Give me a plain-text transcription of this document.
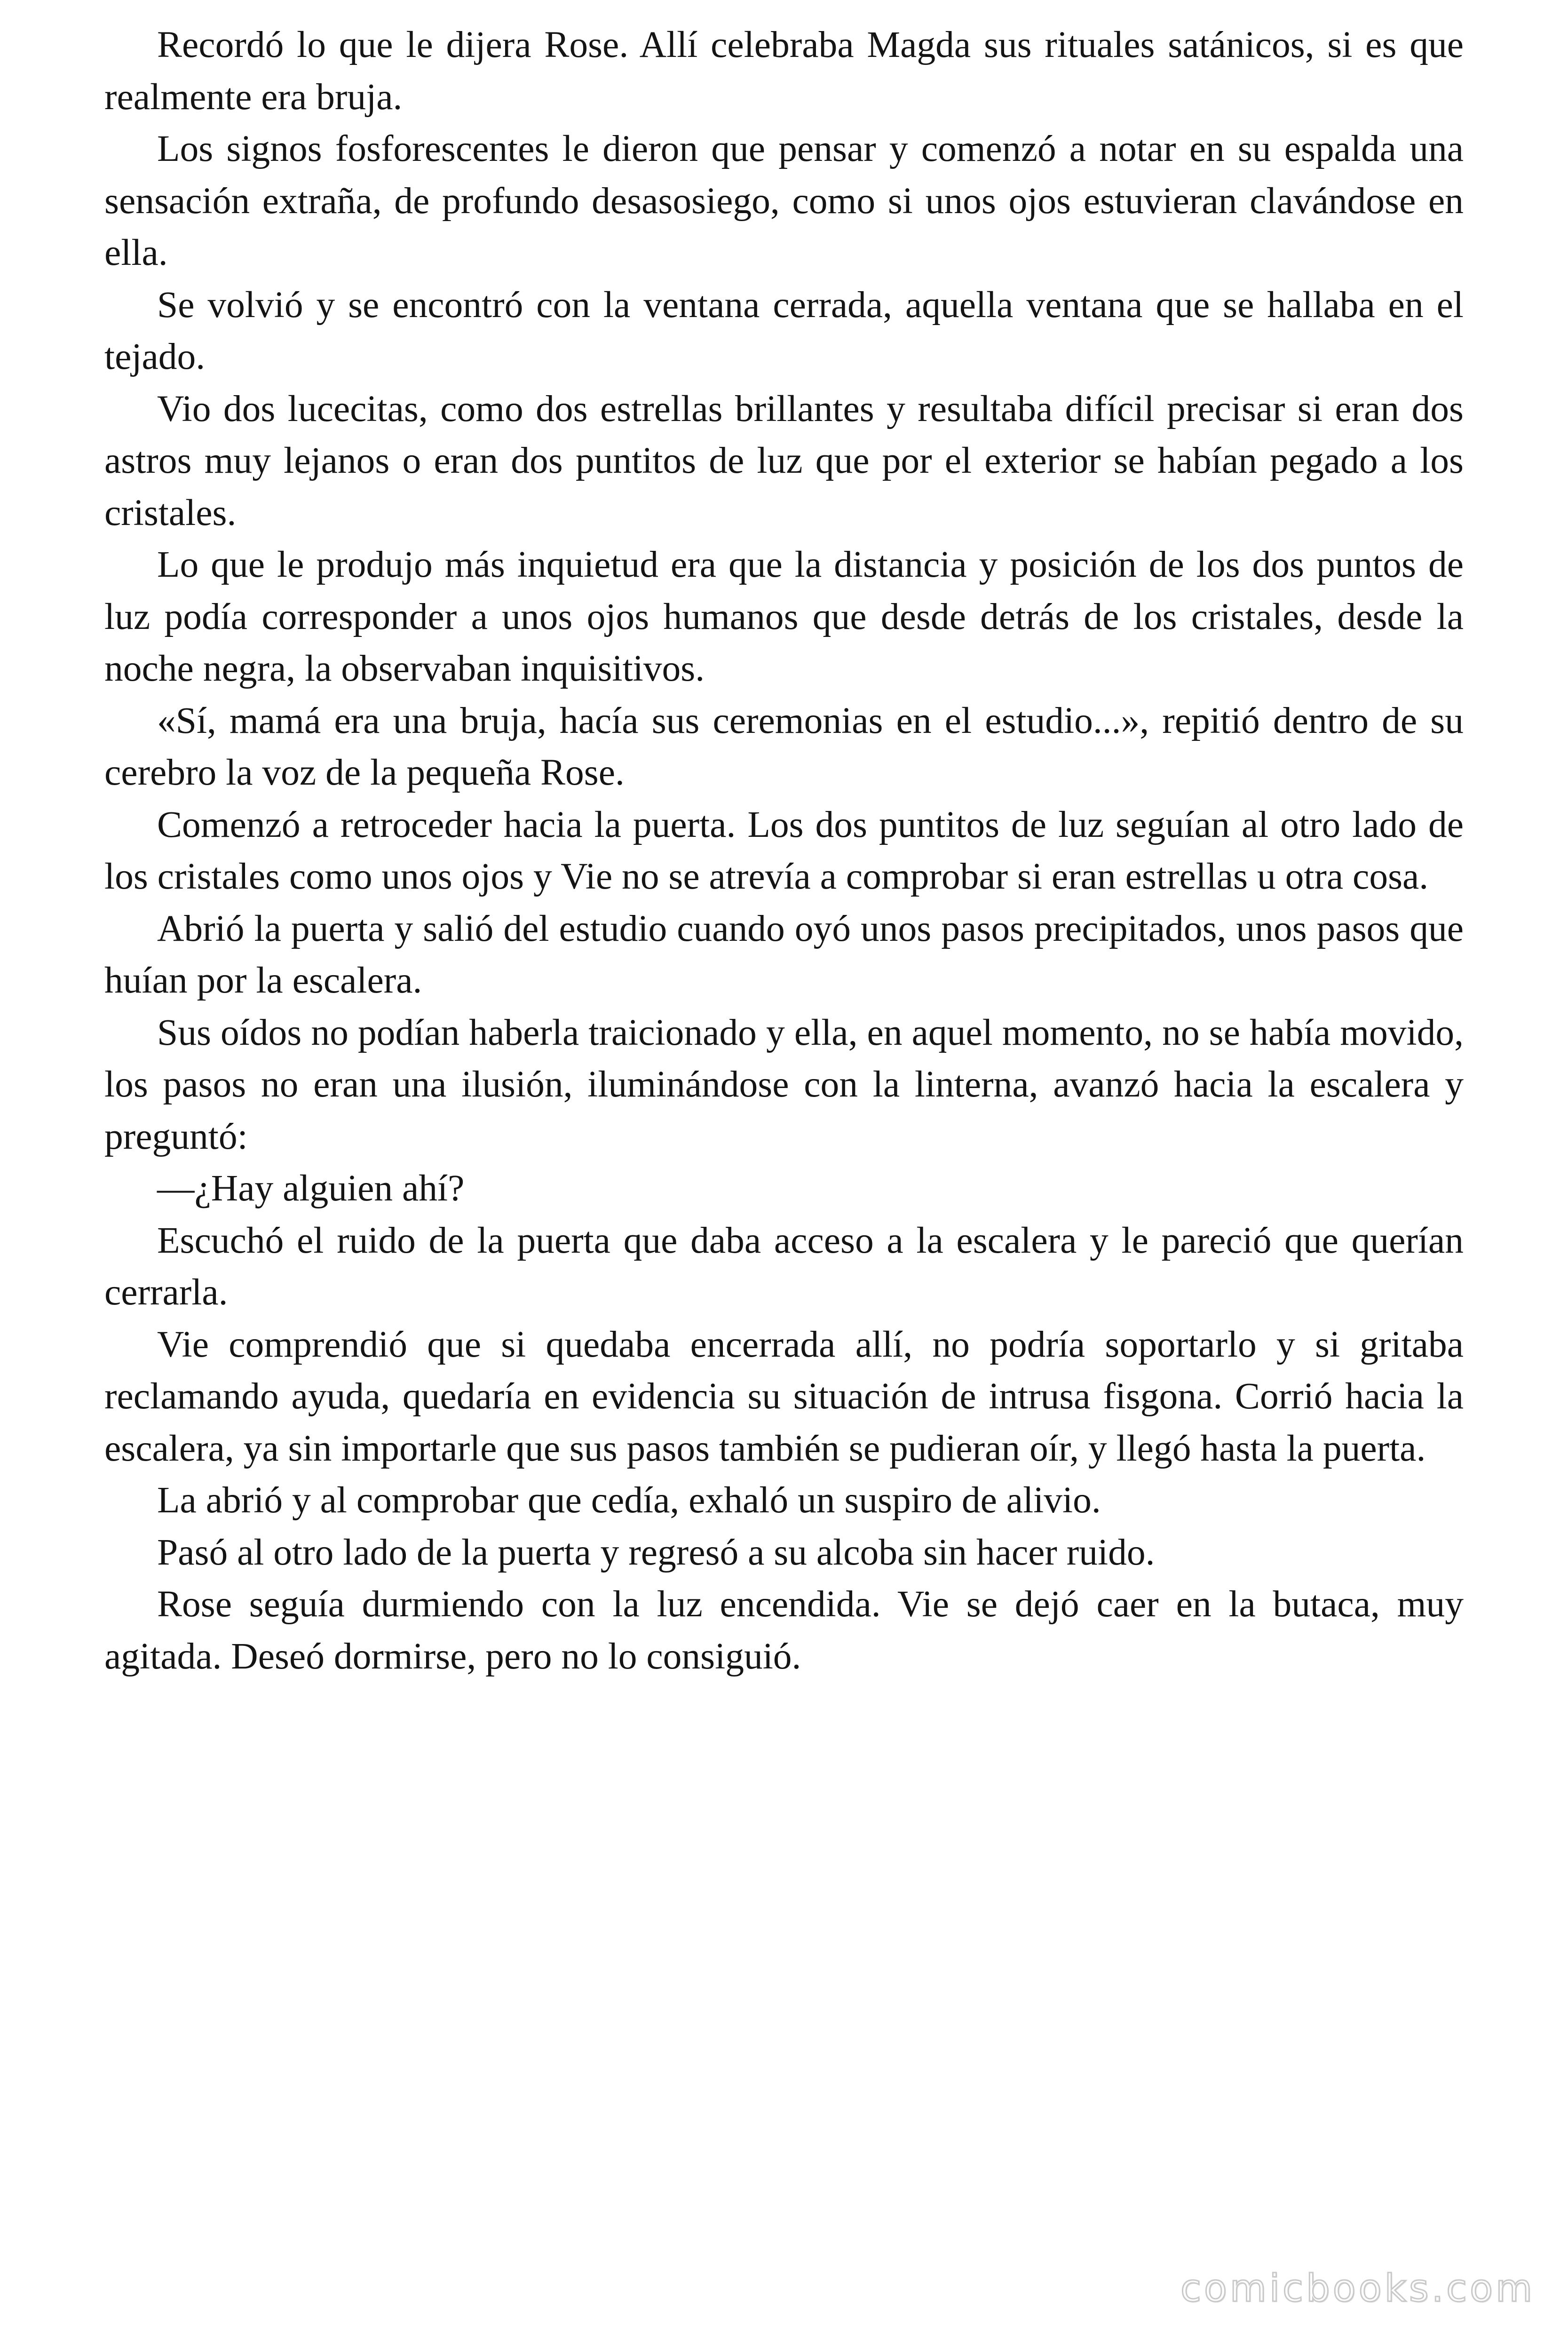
Recordó lo que le dijera Rose. Allí celebraba Magda sus rituales satánicos, si es que realmente era bruja.

Los signos fosforescentes le dieron que pensar y comenzó a notar en su espalda una sensación extraña, de profundo desasosiego, como si unos ojos estuvieran clavándose en ella.

Se volvió y se encontró con la ventana cerrada, aquella ventana que se hallaba en el tejado.

Vio dos lucecitas, como dos estrellas brillantes y resultaba difícil precisar si eran dos astros muy lejanos o eran dos puntitos de luz que por el exterior se habían pegado a los cristales.

Lo que le produjo más inquietud era que la distancia y posición de los dos puntos de luz podía corresponder a unos ojos humanos que desde detrás de los cristales, desde la noche negra, la observaban inquisitivos.

«Sí, mamá era una bruja, hacía sus ceremonias en el estudio...», repitió dentro de su cerebro la voz de la pequeña Rose.

Comenzó a retroceder hacia la puerta. Los dos puntitos de luz seguían al otro lado de los cristales como unos ojos y Vie no se atrevía a comprobar si eran estrellas u otra cosa.

Abrió la puerta y salió del estudio cuando oyó unos pasos precipitados, unos pasos que huían por la escalera.

Sus oídos no podían haberla traicionado y ella, en aquel momento, no se había movido, los pasos no eran una ilusión, iluminándose con la linterna, avanzó hacia la escalera y preguntó:

—¿Hay alguien ahí?

Escuchó el ruido de la puerta que daba acceso a la escalera y le pareció que querían cerrarla.

Vie comprendió que si quedaba encerrada allí, no podría soportarlo y si gritaba reclamando ayuda, quedaría en evidencia su situación de intrusa fisgona. Corrió hacia la escalera, ya sin importarle que sus pasos también se pudieran oír, y llegó hasta la puerta.

La abrió y al comprobar que cedía, exhaló un suspiro de alivio.

Pasó al otro lado de la puerta y regresó a su alcoba sin hacer ruido.

Rose seguía durmiendo con la luz encendida. Vie se dejó caer en la butaca, muy agitada. Deseó dormirse, pero no lo consiguió.

comicbooks.com
